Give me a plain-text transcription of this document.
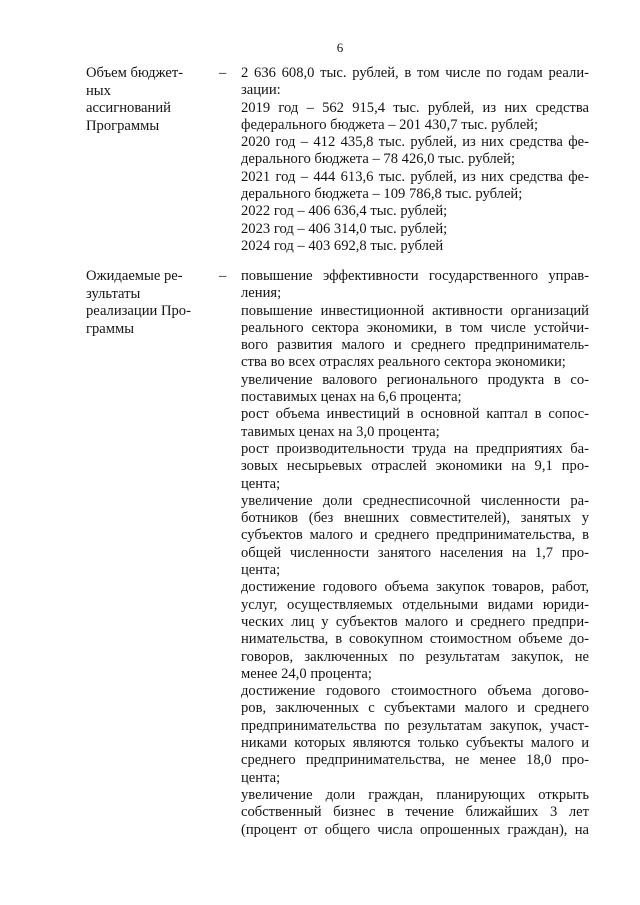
6
Объем бюджет-
ных
ассигнований
Программы
– 2 636 608,0 тыс. рублей, в том числе по годам реали-
зации:

2019 год – 562 915,4 тыс. рублей, из них средства
федерального бюджета – 201 430,7 тыс. рублей;

2020 год – 412 435,8 тыс. рублей, из них средства фе-
дерального бюджета – 78 426,0 тыс. рублей;

2021 год – 444 613,6 тыс. рублей, из них средства фе-
дерального бюджета – 109 786,8 тыс. рублей;

2022 год – 406 636,4 тыс. рублей;

2023 год – 406 314,0 тыс. рублей;

2024 год – 403 692,8 тыс. рублей

Ожидаемые ре-
зультаты
реализации Про-
граммы
– повышение эффективности государственного управ-
ления;

повышение инвестиционной активности организаций
реального сектора экономики, в том числе устойчи-
вого развития малого и среднего предприниматель-
ства во всех отраслях реального сектора экономики;

увеличение валового регионального продукта в со-
поставимых ценах на 6,6 процента;

рост объема инвестиций в основной каптал в сопос-
тавимых ценах на 3,0 процента;

рост производительности труда на предприятиях ба-
зовых несырьевых отраслей экономики на 9,1 про-
цента;

увеличение доли среднесписочной численности ра-
ботников (без внешних совместителей), занятых у
субъектов малого и среднего предпринимательства, в
общей численности занятого населения на 1,7 про-
цента;

достижение годового объема закупок товаров, работ,
услуг, осуществляемых отдельными видами юриди-
ческих лиц у субъектов малого и среднего предпри-
нимательства, в совокупном стоимостном объеме до-
говоров, заключенных по результатам закупок, не
менее 24,0 процента;

достижение годового стоимостного объема догово-
ров, заключенных с субъектами малого и среднего
предпринимательства по результатам закупок, участ-
никами которых являются только субъекты малого и
среднего предпринимательства, не менее 18,0 про-
цента;

увеличение доли граждан, планирующих открыть
собственный бизнес в течение ближайших 3 лет
(процент от общего числа опрошенных граждан), на
